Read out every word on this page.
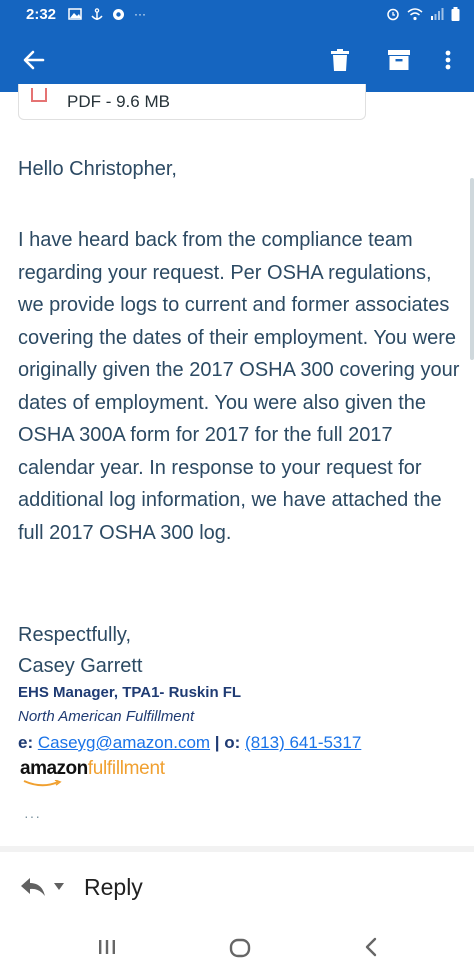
2:32	···
PDF - 9.6 MB
Hello Christopher,
I have heard back from the compliance team regarding your request. Per OSHA regulations, we provide logs to current and former associates covering the dates of their employment. You were originally given the 2017 OSHA 300 covering your dates of employment. You were also given the OSHA 300A form for 2017 for the full 2017 calendar year. In response to your request for additional log information, we have attached the full 2017 OSHA 300 log.
Respectfully,
Casey Garrett
EHS Manager, TPA1- Ruskin FL
North American Fulfillment
e: Caseyg@amazon.com | o: (813) 641-5317
amazonfulfillment
···
Reply
